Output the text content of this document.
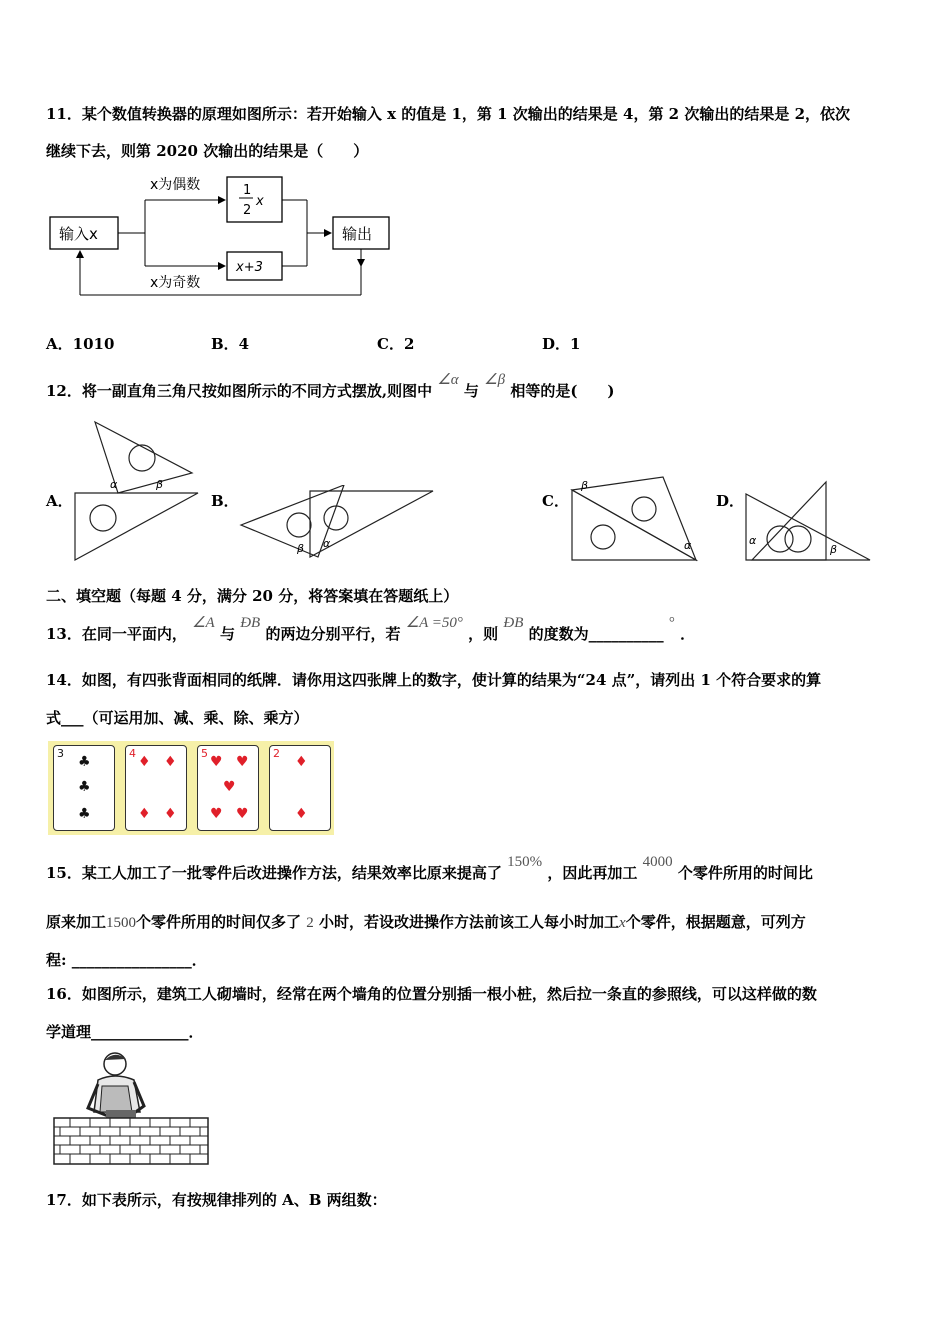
11．某个数值转换器的原理如图所示：若开始输入 x 的值是 1，第 1 次输出的结果是 4，第 2 次输出的结果是 2，依次
继续下去，则第 2020 次输出的结果是（　　）
输入x
1
2
x
x+3
输出
x为偶数
x为奇数
A．1010	B．4	C．2	D．1
12．将一副直角三角尺按如图所示的不同方式摆放,则图中 ∠α 与 ∠β 相等的是(　　)
A．	B．	C．	D．
α	β
β α
β
α	α
β
二、填空题（每题 4 分，满分 20 分，将答案填在答题纸上）
13．在同一平面内， ∠A 与 ÐB 的两边分别平行，若 ∠A =50° ，则 ÐB 的度数为__________ ° ．
14．如图，有四张背面相同的纸牌．请你用这四张牌上的数字，使计算的结果为“24 点”，请列出 1 个符合要求的算
式___（可运用加、减、乘、除、乘方）
3
♣
♣
♣
4
♦ ♦
♦ ♦
5
♥ ♥
♥
♥ ♥
2
♦
♦
15．某工人加工了一批零件后改进操作方法，结果效率比原来提高了 150% ，因此再加工 4000 个零件所用的时间比
原来加工1500个零件所用的时间仅多了 2 小时，若设改进操作方法前该工人每小时加工x个零件，根据题意，可列方
程: ________________．
16．如图所示，建筑工人砌墙时，经常在两个墙角的位置分别插一根小桩，然后拉一条直的参照线，可以这样做的数
学道理_____________．
17．如下表所示，有按规律排列的 A、B 两组数：
